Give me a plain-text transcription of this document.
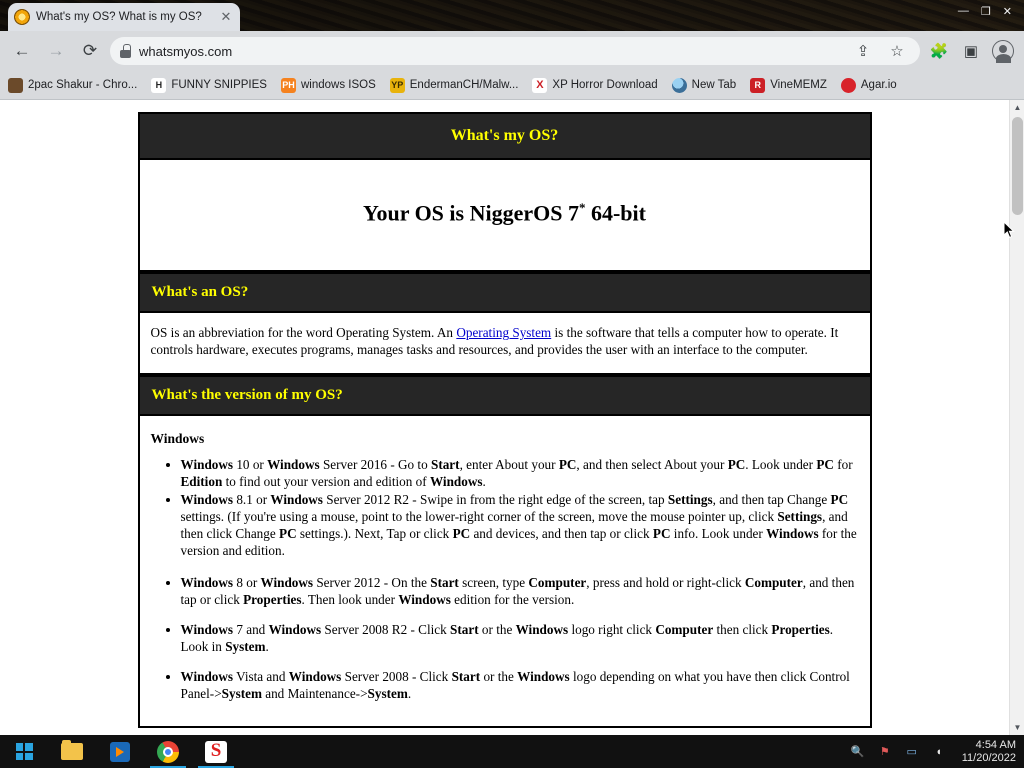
What's my OS? What is my OS?	✕	— ❐ ✕
←	→	⟳	whatsmyos.com	⇪	☆	🧩	▣
2pac Shakur - Chro...	H FUNNY SNIPPIES PH windows ISOS YP EndermanCH/Malw...	X XP Horror Download	New Tab	R VineMEMZ	Agar.io
What's my OS?
Your OS is NiggerOS 7* 64-bit
What's an OS?
OS is an abbreviation for the word Operating System. An Operating System is the software that tells a computer how to operate. It controls hardware, executes programs, manages tasks and resources, and provides the user with an interface to the computer.
What's the version of my OS?
Windows
• Windows 10 or Windows Server 2016 - Go to Start, enter About your PC, and then select About your PC. Look under PC for Edition to find out your version and edition of Windows.
• Windows 8.1 or Windows Server 2012 R2 - Swipe in from the right edge of the screen, tap Settings, and then tap Change PC settings. (If you're using a mouse, point to the lower-right corner of the screen, move the mouse pointer up, click Settings, and then click Change PC settings.). Next, Tap or click PC and devices, and then tap or click PC info. Look under Windows for the version and edition.
• Windows 8 or Windows Server 2012 - On the Start screen, type Computer, press and hold or right-click Computer, and then tap or click Properties. Then look under Windows edition for the version.
• Windows 7 and Windows Server 2008 R2 - Click Start or the Windows logo right click Computer then click Properties. Look in System.
• Windows Vista and Windows Server 2008 - Click Start or the Windows logo depending on what you have then click Control Panel->System and Maintenance->System.
▲
▼
S	🔍 ⚑ ▭	◖
4:54 AM
11/20/2022
